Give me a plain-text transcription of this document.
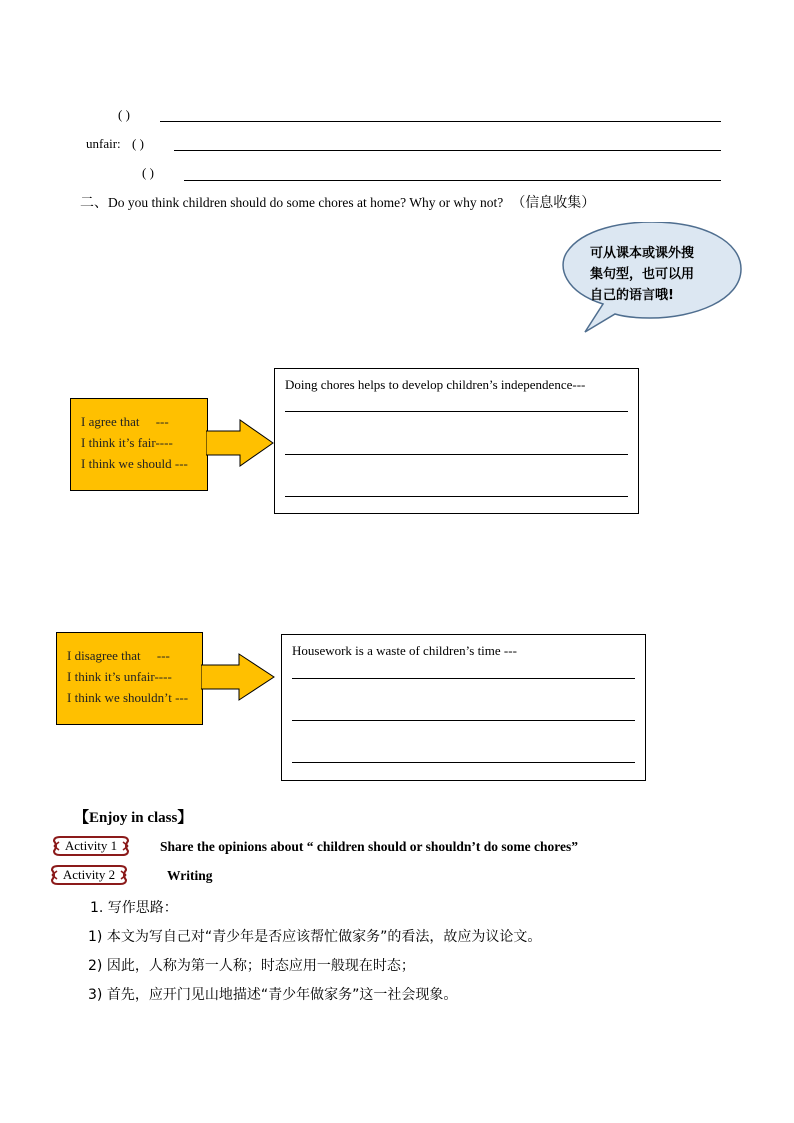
( )
unfair: ( )
( )
二、Do you think children should do some chores at home? Why or why not? （信息收集）
可从课本或课外搜
集句型，也可以用
自己的语言哦!
I agree that     ---
I think it’s fair----
I think we should ---
Doing chores helps to develop children’s independence---
I disagree that     ---
I think it’s unfair----
I think we shouldn’t ---
Housework is a waste of children’s time ---
【Enjoy in class】
Activity 1	Share the opinions about “ children should or shouldn’t do some chores”
Activity 2	Writing
1. 写作思路：
1) 本文为写自己对“青少年是否应该帮忙做家务”的看法，故应为议论文。
2) 因此，人称为第一人称；时态应用一般现在时态；
3) 首先，应开门见山地描述“青少年做家务”这一社会现象。
